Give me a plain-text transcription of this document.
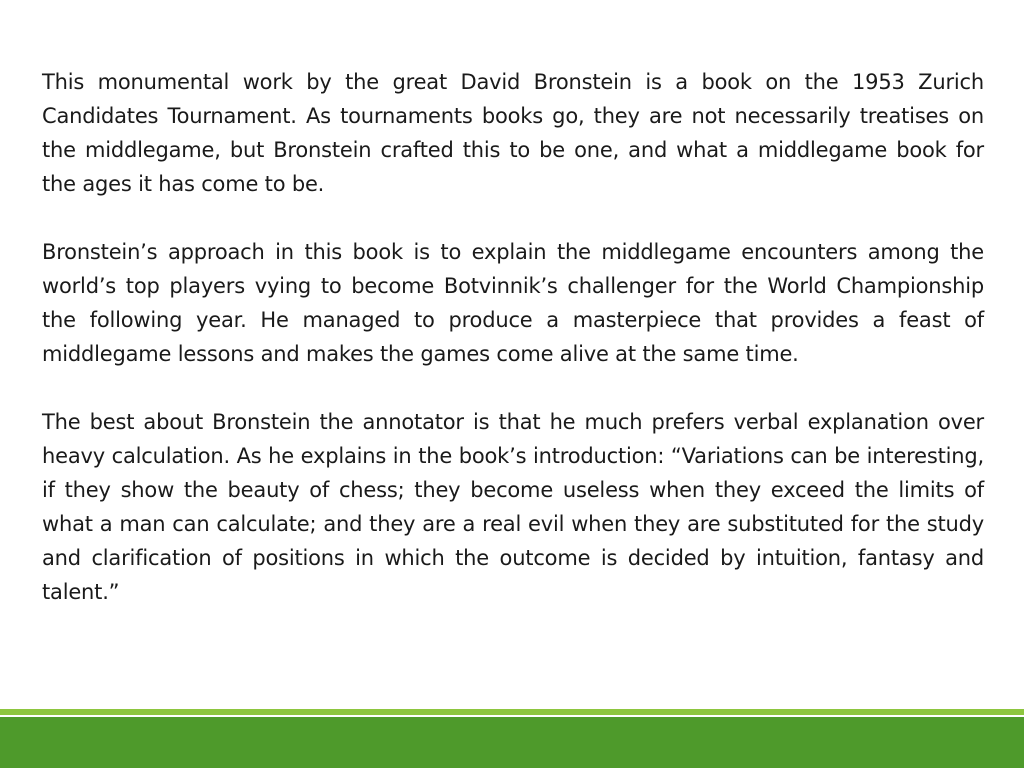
This monumental work by the great David Bronstein is a book on the 1953 Zurich Candidates Tournament. As tournaments books go, they are not necessarily treatises on the middlegame, but Bronstein crafted this to be one, and what a middlegame book for the ages it has come to be.

Bronstein’s approach in this book is to explain the middlegame encounters among the world’s top players vying to become Botvinnik’s challenger for the World Championship the following year. He managed to produce a masterpiece that provides a feast of middlegame lessons and makes the games come alive at the same time.

The best about Bronstein the annotator is that he much prefers verbal explanation over heavy calculation. As he explains in the book’s introduction: “Variations can be interesting, if they show the beauty of chess; they become useless when they exceed the limits of what a man can calculate; and they are a real evil when they are substituted for the study and clarification of positions in which the outcome is decided by intuition, fantasy and talent.”
